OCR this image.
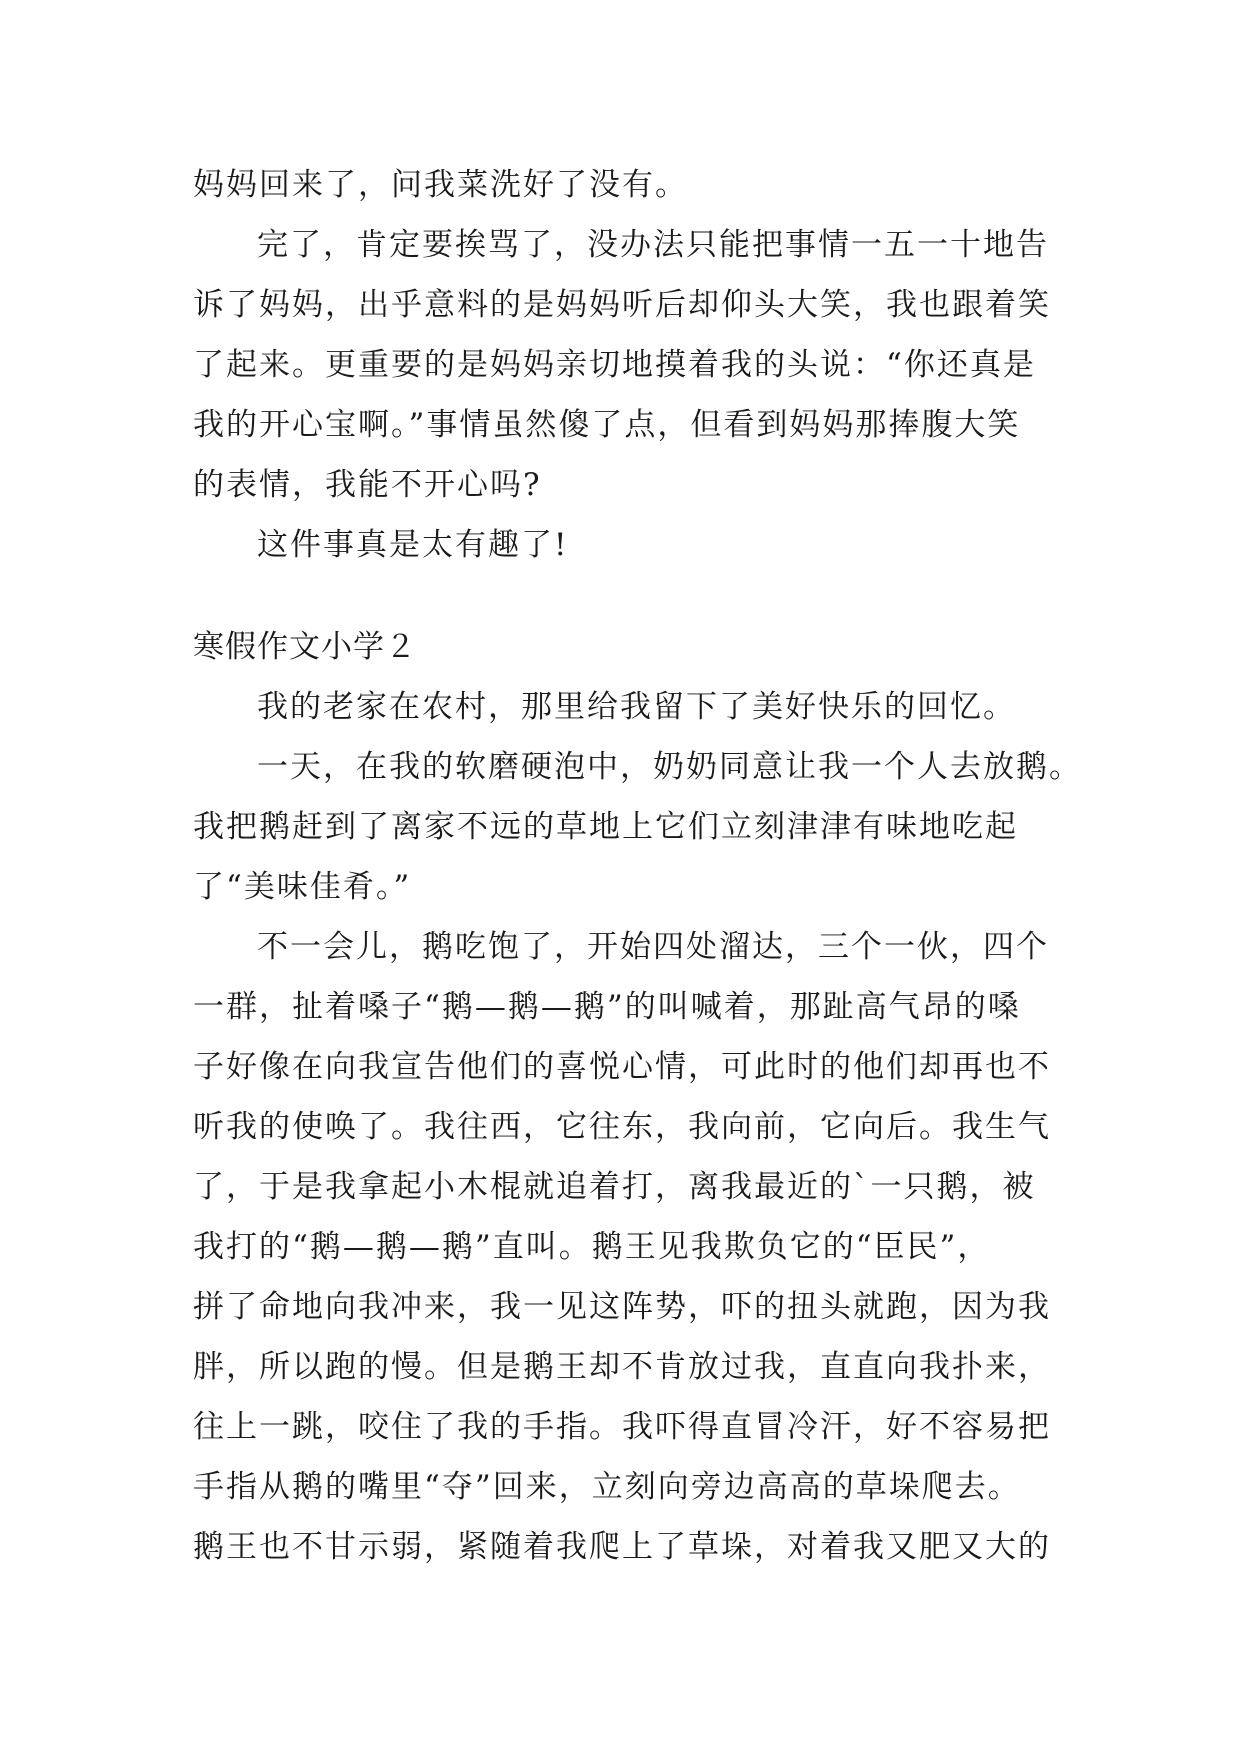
妈妈回来了，问我菜洗好了没有。
完了，肯定要挨骂了，没办法只能把事情一五一十地告
诉了妈妈，出乎意料的是妈妈听后却仰头大笑，我也跟着笑
了起来。更重要的是妈妈亲切地摸着我的头说：“你还真是
我的开心宝啊。”事情虽然傻了点，但看到妈妈那捧腹大笑
的表情，我能不开心吗?
这件事真是太有趣了!
寒假作文小学２
我的老家在农村，那里给我留下了美好快乐的回忆。
一天，在我的软磨硬泡中，奶奶同意让我一个人去放鹅。
我把鹅赶到了离家不远的草地上它们立刻津津有味地吃起
了“美味佳肴。”
不一会儿，鹅吃饱了，开始四处溜达，三个一伙，四个
一群，扯着嗓子“鹅—鹅—鹅”的叫喊着，那趾高气昂的嗓
子好像在向我宣告他们的喜悦心情，可此时的他们却再也不
听我的使唤了。我往西，它往东，我向前，它向后。我生气
了，于是我拿起小木棍就追着打，离我最近的`一只鹅，被
我打的“鹅—鹅—鹅”直叫。鹅王见我欺负它的“臣民”，
拼了命地向我冲来，我一见这阵势，吓的扭头就跑，因为我
胖，所以跑的慢。但是鹅王却不肯放过我，直直向我扑来，
往上一跳，咬住了我的手指。我吓得直冒冷汗，好不容易把
手指从鹅的嘴里“夺”回来，立刻向旁边高高的草垛爬去。
鹅王也不甘示弱，紧随着我爬上了草垛，对着我又肥又大的
